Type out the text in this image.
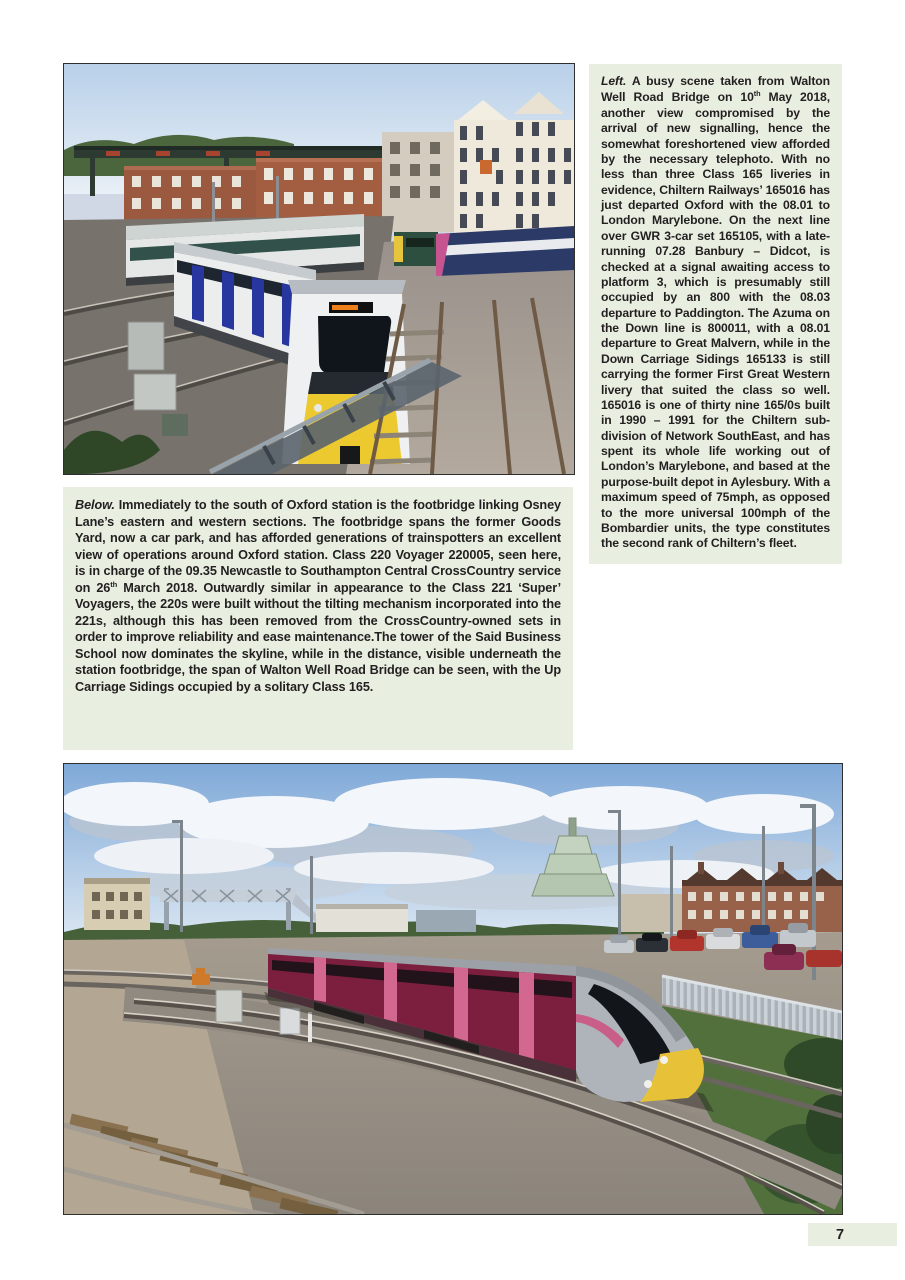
Left. A busy scene taken from Walton Well Road Bridge on 10th May 2018, another view compromised by the arrival of new signalling, hence the somewhat foreshortened view afforded by the necessary telephoto. With no less than three Class 165 liveries in evidence, Chiltern Railways’ 165016 has just departed Oxford with the 08.01 to London Marylebone. On the next line over GWR 3-car set 165105, with a late-running 07.28 Banbury – Didcot, is checked at a signal awaiting access to platform 3, which is presumably still occupied by an 800 with the 08.03 departure to Paddington. The Azuma on the Down line is 800011, with a 08.01 departure to Great Malvern, while in the Down Carriage Sidings 165133 is still carrying the former First Great Western livery that suited the class so well. 165016 is one of thirty nine 165/0s built in 1990 – 1991 for the Chiltern sub-division of Network SouthEast, and has spent its whole life working out of London’s Marylebone, and based at the purpose-built depot in Aylesbury. With a maximum speed of 75mph, as opposed to the more universal 100mph of the Bombardier units, the type constitutes the second rank of Chiltern’s fleet.

Below. Immediately to the south of Oxford station is the footbridge linking Osney Lane’s eastern and western sections. The footbridge spans the former Goods Yard, now a car park, and has afforded generations of trainspotters an excellent view of operations around Oxford station. Class 220 Voyager 220005, seen here, is in charge of the 09.35 Newcastle to Southampton Central CrossCountry service on 26th March 2018. Outwardly similar in appearance to the Class 221 ‘Super’ Voyagers, the 220s were built without the tilting mechanism incorporated into the 221s, although this has been removed from the CrossCountry-owned sets in order to improve reliability and ease maintenance.The tower of the Said Business School now dominates the skyline, while in the distance, visible underneath the station footbridge, the span of Walton Well Road Bridge can be seen, with the Up Carriage Sidings occupied by a solitary Class 165.

7
